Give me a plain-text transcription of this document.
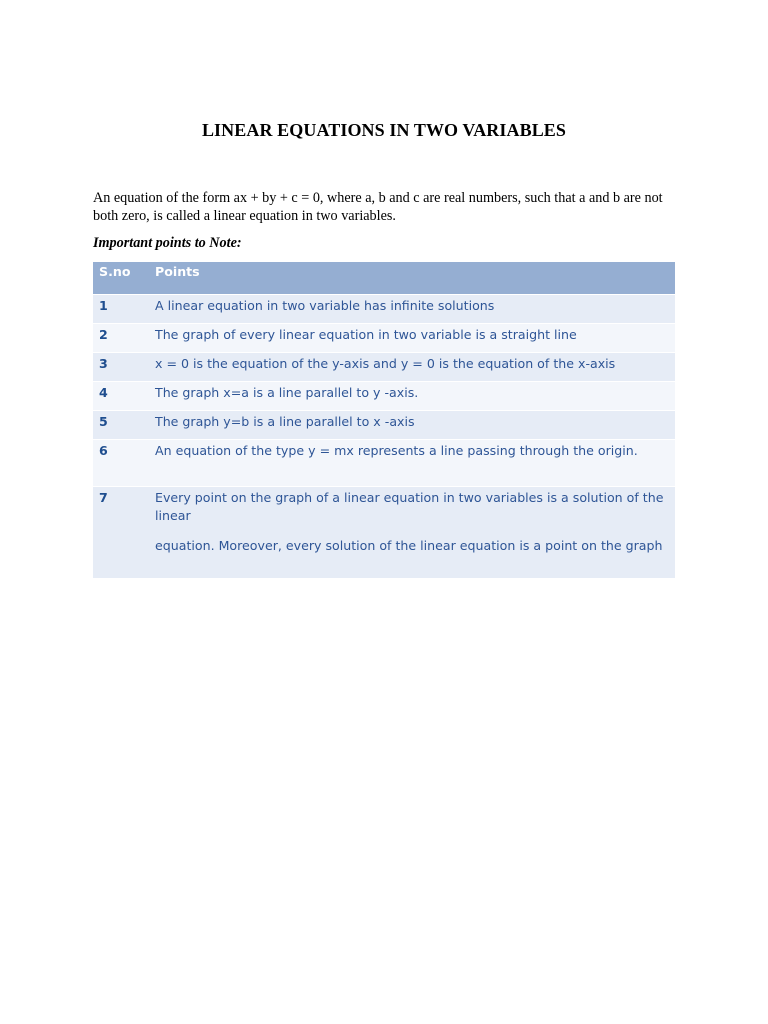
LINEAR EQUATIONS IN TWO VARIABLES
An equation of the form ax + by + c = 0, where a, b and c are real numbers, such that a and b are not both zero, is called a linear equation in two variables.
Important points to Note:
S.no	Points
1	A linear equation in two variable has infinite solutions
2	The graph of every linear equation in two variable is a straight line
3	x = 0 is the equation of the y-axis and y = 0 is the equation of the x-axis
4	The graph x=a is a line parallel to y -axis.
5	The graph y=b is a line parallel to x -axis
6	An equation of the type y = mx represents a line passing through the origin.
7	Every point on the graph of a linear equation in two variables is a solution of the linear
equation. Moreover, every solution of the linear equation is a point on the graph
